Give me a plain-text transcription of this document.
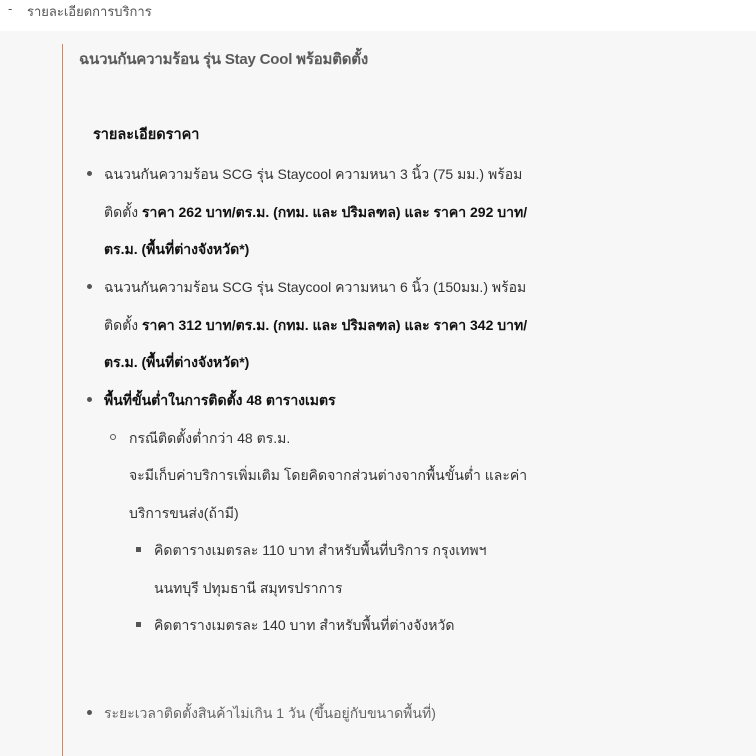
- รายละเอียดการบริการ
ฉนวนกันความร้อน รุ่น Stay Cool พร้อมติดตั้ง
รายละเอียดราคา
ฉนวนกันความร้อน SCG รุ่น Staycool ความหนา 3 นิ้ว (75 มม.) พร้อม
ติดตั้ง ราคา 262 บาท/ตร.ม. (กทม. และ ปริมลฑล) และ ราคา 292 บาท/
ตร.ม. (พื้นที่ต่างจังหวัด*)
ฉนวนกันความร้อน SCG รุ่น Staycool ความหนา 6 นิ้ว (150มม.) พร้อม
ติดตั้ง ราคา 312 บาท/ตร.ม. (กทม. และ ปริมลฑล) และ ราคา 342 บาท/
ตร.ม. (พื้นที่ต่างจังหวัด*)
พื้นที่ขั้นต่ำในการติดตั้ง 48 ตารางเมตร
กรณีติดตั้งต่ำกว่า 48 ตร.ม.
จะมีเก็บค่าบริการเพิ่มเติม โดยคิดจากส่วนต่างจากพื้นขั้นต่ำ และค่า
บริการขนส่ง(ถ้ามี)
คิดตารางเมตรละ 110 บาท สำหรับพื้นที่บริการ กรุงเทพฯ
นนทบุรี ปทุมธานี สมุทรปราการ
คิดตารางเมตรละ 140 บาท สำหรับพื้นที่ต่างจังหวัด
ระยะเวลาติดตั้งสินค้าไม่เกิน 1 วัน (ขึ้นอยู่กับขนาดพื้นที่)
